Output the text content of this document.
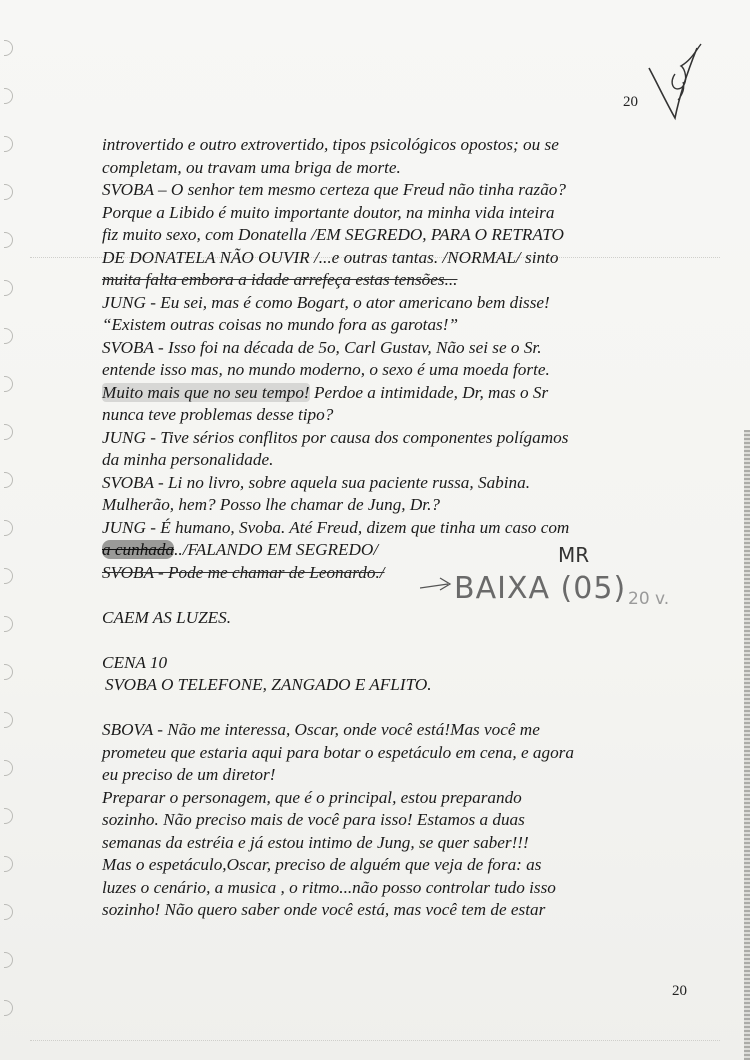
20

introvertido e outro extrovertido, tipos psicológicos opostos; ou se

completam, ou travam uma briga de morte.

SVOBA – O senhor tem mesmo certeza que Freud não tinha razão?

Porque a Libido é muito importante doutor, na minha vida inteira

fiz muito sexo, com Donatella /EM SEGREDO, PARA O RETRATO

DE DONATELA NÃO OUVIR /...e outras tantas. /NORMAL/ sinto

muita falta embora a idade arrefeça estas tensões...

JUNG - Eu sei, mas é como Bogart, o ator americano bem disse!

“Existem outras coisas no mundo fora as garotas!”

SVOBA - Isso foi na década de 5o, Carl Gustav, Não sei se o Sr.

entende isso mas, no mundo moderno, o sexo é uma moeda forte.

Muito mais que no seu tempo! Perdoe a intimidade, Dr, mas o Sr

nunca teve problemas desse tipo?

JUNG - Tive sérios conflitos por causa dos componentes polígamos

da minha personalidade.

SVOBA - Li no livro, sobre aquela sua paciente russa, Sabina.

Mulherão, hem? Posso lhe chamar de Jung, Dr.?

JUNG - É humano, Svoba. Até Freud, dizem que tinha um caso com

a cunhada../FALANDO EM SEGREDO/

SVOBA - Pode me chamar de Leonardo./

CAEM AS LUZES.

CENA 10

SVOBA O TELEFONE, ZANGADO E AFLITO.

SBOVA - Não me interessa, Oscar, onde você está!Mas você me

prometeu que estaria aqui para botar o espetáculo em cena, e agora

eu preciso de um diretor!

Preparar o personagem, que é o principal, estou preparando

sozinho. Não preciso mais de você para isso! Estamos a duas

semanas da estréia e já estou intimo de Jung, se quer saber!!!

Mas o espetáculo,Oscar, preciso de alguém que veja de fora: as

luzes o cenário, a musica , o ritmo...não posso controlar tudo isso

sozinho! Não quero saber onde você está, mas você tem de estar

BAIXA (05)
MR
20 v.
20
